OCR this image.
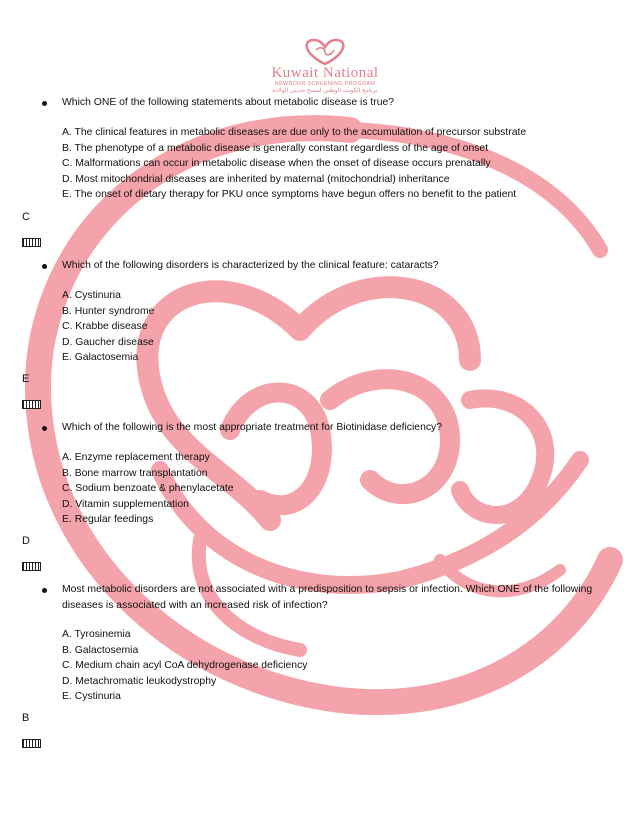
Kuwait National
NEWBORN SCREENING PROGRAM
برنامج الكويت الوطني لمسح حديثي الولادة
Which ONE of the following statements about metabolic disease is true?
A. The clinical features in metabolic diseases are due only to the accumulation of precursor substrate
B. The phenotype of a metabolic disease is generally constant regardless of the age of onset
C. Malformations can occur in metabolic disease when the onset of disease occurs prenatally
D. Most mitochondrial diseases are inherited by maternal (mitochondrial) inheritance
E. The onset of dietary therapy for PKU once symptoms have begun offers no benefit to the patient
C
Which of the following disorders is characterized by the clinical feature: cataracts?
A. Cystinuria
B. Hunter syndrome
C. Krabbe disease
D. Gaucher disease
E. Galactosemia
E
Which of the following is the most appropriate treatment for Biotinidase deficiency?
A. Enzyme replacement therapy
B. Bone marrow transplantation
C. Sodium benzoate & phenylacetate
D. Vitamin supplementation
E. Regular feedings
D
Most metabolic disorders are not associated with a predisposition to sepsis or infection. Which ONE of the following
diseases is associated with an increased risk of infection?
A. Tyrosinemia
B. Galactosemia
C. Medium chain acyl CoA dehydrogenase deficiency
D. Metachromatic leukodystrophy
E. Cystinuria
B
